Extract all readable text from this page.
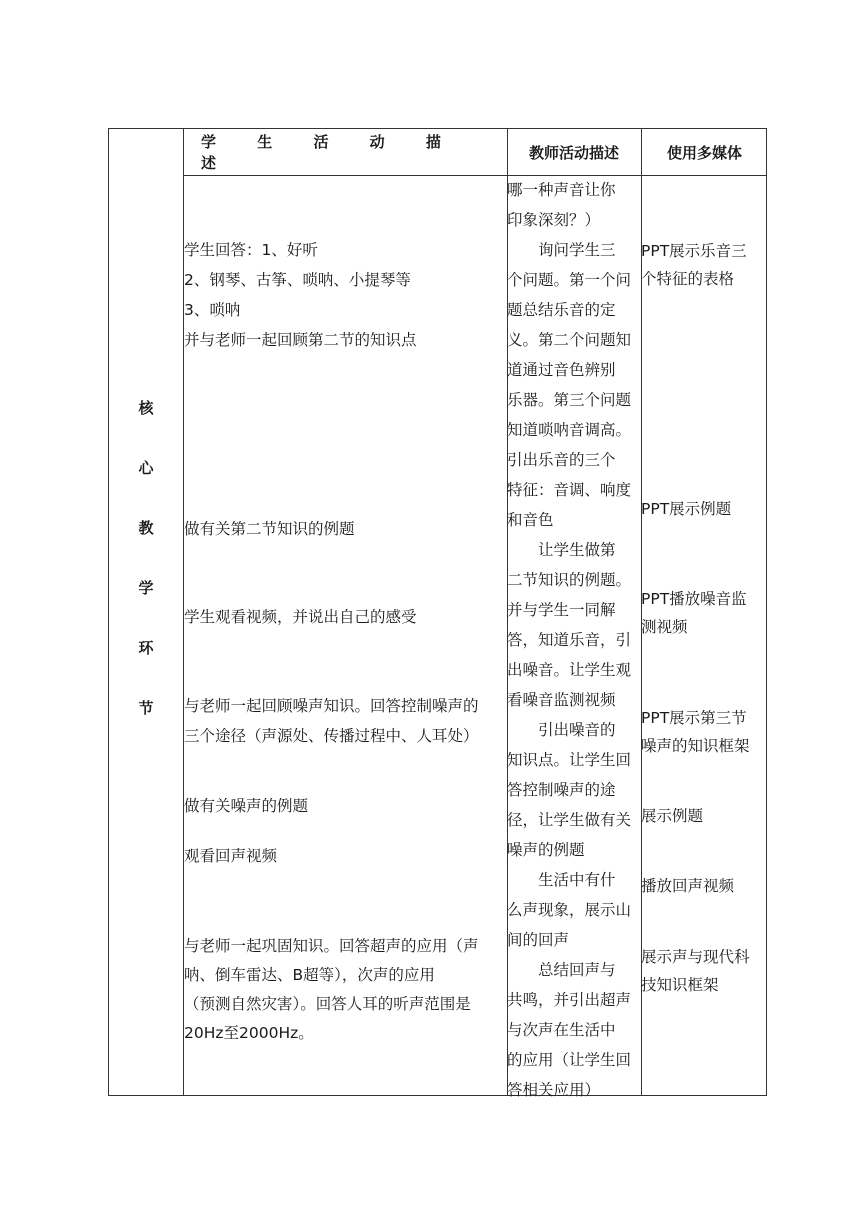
学 生 活 动 描 述
教师活动描述	使用多媒体
核
心
教
学
环
节
学生回答：1、好听
2、钢琴、古筝、唢呐、小提琴等
3、唢呐
并与老师一起回顾第二节的知识点
做有关第二节知识的例题
学生观看视频，并说出自己的感受
与老师一起回顾噪声知识。回答控制噪声的
三个途径（声源处、传播过程中、人耳处）
做有关噪声的例题
观看回声视频
与老师一起巩固知识。回答超声的应用（声
呐、倒车雷达、B超等），次声的应用
（预测自然灾害）。回答人耳的听声范围是
20Hz至2000Hz。
哪一种声音让你
印象深刻？）
　　询问学生三
个问题。第一个问
题总结乐音的定
义。第二个问题知
道通过音色辨别
乐器。第三个问题
知道唢呐音调高。
引出乐音的三个
特征：音调、响度
和音色
　　让学生做第
二节知识的例题。
并与学生一同解
答，知道乐音，引
出噪音。让学生观
看噪音监测视频
　　引出噪音的
知识点。让学生回
答控制噪声的途
径，让学生做有关
噪声的例题
　　生活中有什
么声现象，展示山
间的回声
　　总结回声与
共鸣，并引出超声
与次声在生活中
的应用（让学生回
答相关应用）
PPT展示乐音三
个特征的表格
PPT展示例题
PPT播放噪音监
测视频
PPT展示第三节
噪声的知识框架
展示例题
播放回声视频
展示声与现代科
技知识框架
